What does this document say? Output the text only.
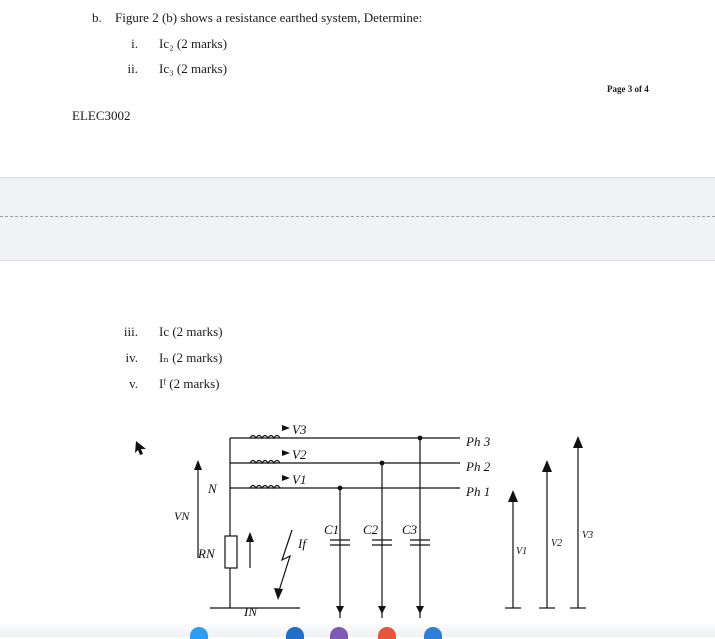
b. Figure 2 (b) shows a resistance earthed system, Determine:
i. Ic₂ (2 marks)
ii. Ic₃ (2 marks)
Page 3 of 4
ELEC3002
iii. Ic (2 marks)
iv. Iₙ (2 marks)
v. Iᶠ (2 marks)
V3
V2
V1
Ph 3
Ph 2
Ph 1
N
VN
RN
If
IN
C1 C2 C3
V1
V2
V3
